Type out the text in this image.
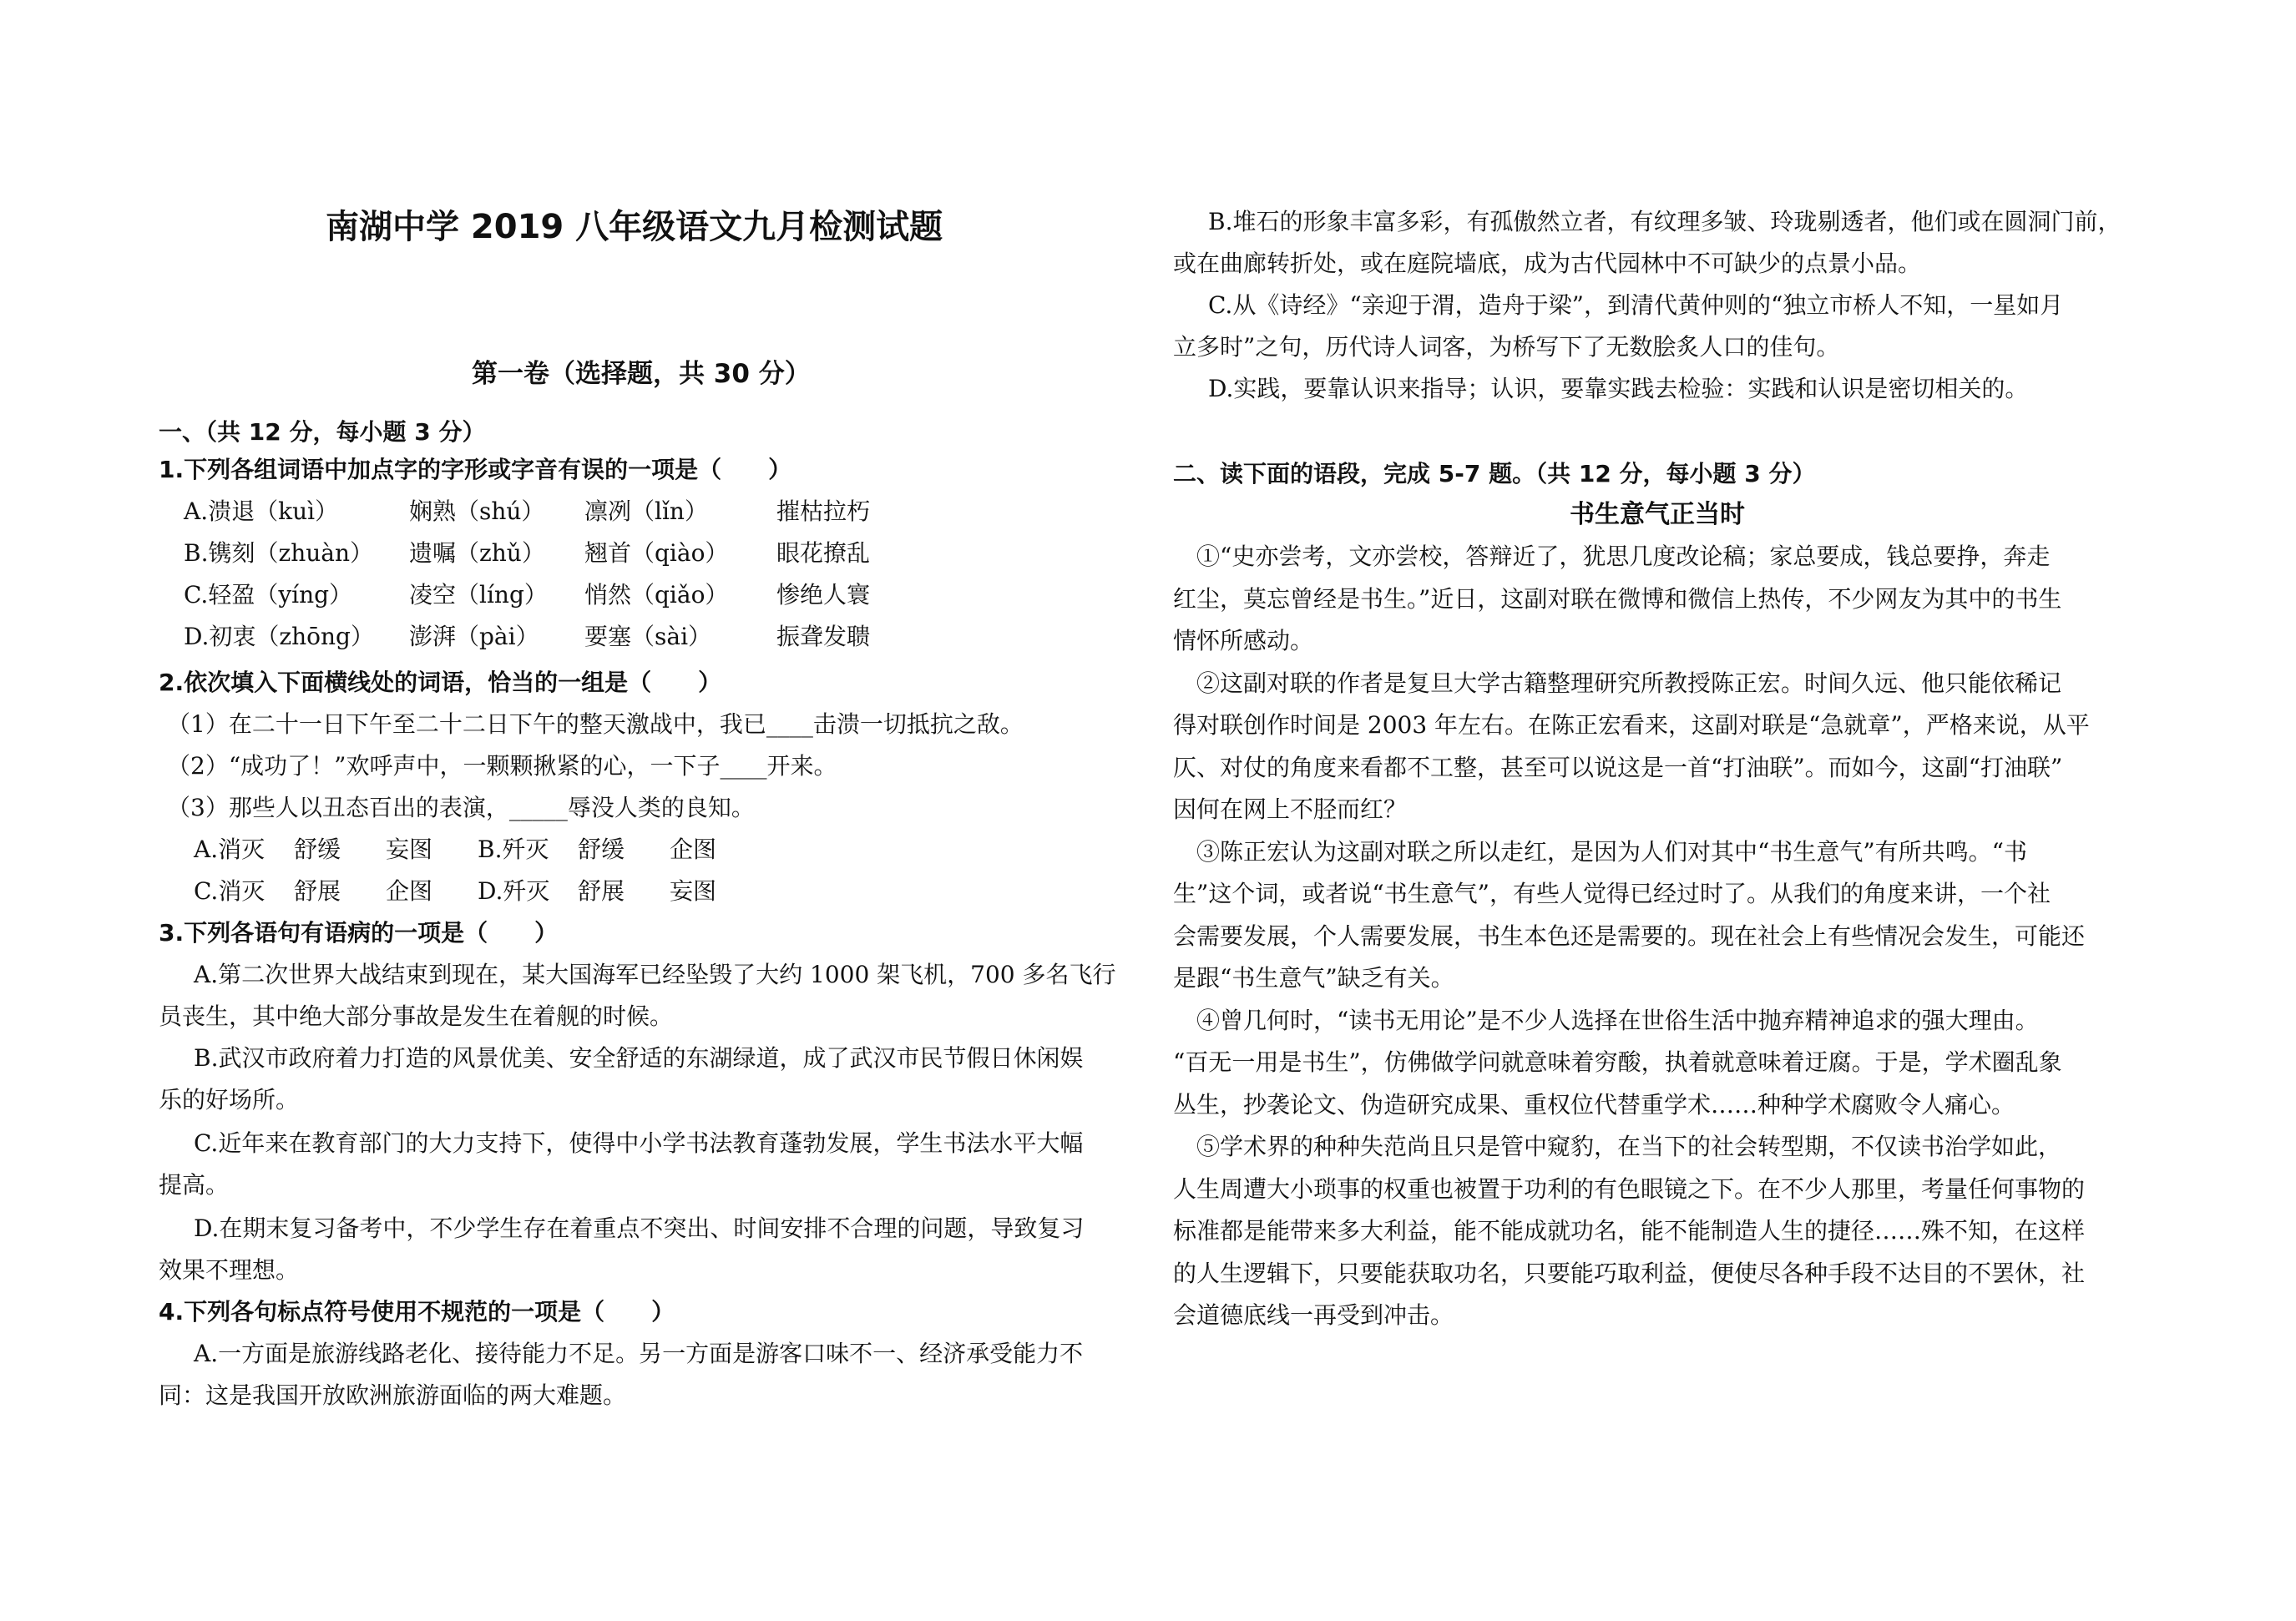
南湖中学 2019 八年级语文九月检测试题
第一卷（选择题，共 30 分）
一、（共 12 分，每小题 3 分）
1.下列各组词语中加点字的字形或字音有误的一项是（　　）
A.溃退（kuì）	娴熟（shú） 凛冽（lǐn）	摧枯拉朽
B.镌刻（zhuàn） 遗嘱（zhǔ） 翘首（qiào） 眼花撩乱
C.轻盈（yíng） 凌空（líng） 悄然（qiǎo） 惨绝人寰
D.初衷（zhōng） 澎湃（pài） 要塞（sài）	振聋发聩
2.依次填入下面横线处的词语，恰当的一组是（　　）
（1）在二十一日下午至二十二日下午的整天激战中，我已____击溃一切抵抗之敌。
（2）“成功了！”欢呼声中，一颗颗揪紧的心，一下子____开来。
（3）那些人以丑态百出的表演，_____辱没人类的良知。
A.消灭 舒缓 妄图 B.歼灭 舒缓 企图
C.消灭 舒展 企图 D.歼灭 舒展 妄图
3.下列各语句有语病的一项是（　　）
A.第二次世界大战结束到现在，某大国海军已经坠毁了大约 1000 架飞机，700 多名飞行
员丧生，其中绝大部分事故是发生在着舰的时候。
B.武汉市政府着力打造的风景优美、安全舒适的东湖绿道，成了武汉市民节假日休闲娱
乐的好场所。
C.近年来在教育部门的大力支持下，使得中小学书法教育蓬勃发展，学生书法水平大幅
提高。
D.在期末复习备考中，不少学生存在着重点不突出、时间安排不合理的问题，导致复习
效果不理想。
4.下列各句标点符号使用不规范的一项是（　　）
A.一方面是旅游线路老化、接待能力不足。另一方面是游客口味不一、经济承受能力不
同：这是我国开放欧洲旅游面临的两大难题。
B.堆石的形象丰富多彩，有孤傲然立者，有纹理多皱、玲珑剔透者，他们或在圆洞门前，
或在曲廊转折处，或在庭院墙底，成为古代园林中不可缺少的点景小品。
C.从《诗经》“亲迎于渭，造舟于梁”，到清代黄仲则的“独立市桥人不知，一星如月
立多时”之句，历代诗人词客，为桥写下了无数脍炙人口的佳句。
D.实践，要靠认识来指导；认识，要靠实践去检验：实践和认识是密切相关的。
二、读下面的语段，完成 5-7 题。（共 12 分，每小题 3 分）
书生意气正当时
　①“史亦尝考，文亦尝校，答辩近了，犹思几度改论稿；家总要成，钱总要挣，奔走
红尘，莫忘曾经是书生。”近日，这副对联在微博和微信上热传，不少网友为其中的书生
情怀所感动。
　②这副对联的作者是复旦大学古籍整理研究所教授陈正宏。时间久远、他只能依稀记
得对联创作时间是 2003 年左右。在陈正宏看来，这副对联是“急就章”，严格来说，从平
仄、对仗的角度来看都不工整，甚至可以说这是一首“打油联”。而如今，这副“打油联”
因何在网上不胫而红？
　③陈正宏认为这副对联之所以走红，是因为人们对其中“书生意气”有所共鸣。“书
生”这个词，或者说“书生意气”，有些人觉得已经过时了。从我们的角度来讲，一个社
会需要发展，个人需要发展，书生本色还是需要的。现在社会上有些情况会发生，可能还
是跟“书生意气”缺乏有关。
　④曾几何时，“读书无用论”是不少人选择在世俗生活中抛弃精神追求的强大理由。
“百无一用是书生”，仿佛做学问就意味着穷酸，执着就意味着迂腐。于是，学术圈乱象
丛生，抄袭论文、伪造研究成果、重权位代替重学术……种种学术腐败令人痛心。
　⑤学术界的种种失范尚且只是管中窥豹，在当下的社会转型期，不仅读书治学如此，
人生周遭大小琐事的权重也被置于功利的有色眼镜之下。在不少人那里，考量任何事物的
标准都是能带来多大利益，能不能成就功名，能不能制造人生的捷径……殊不知，在这样
的人生逻辑下，只要能获取功名，只要能巧取利益，便使尽各种手段不达目的不罢休，社
会道德底线一再受到冲击。
